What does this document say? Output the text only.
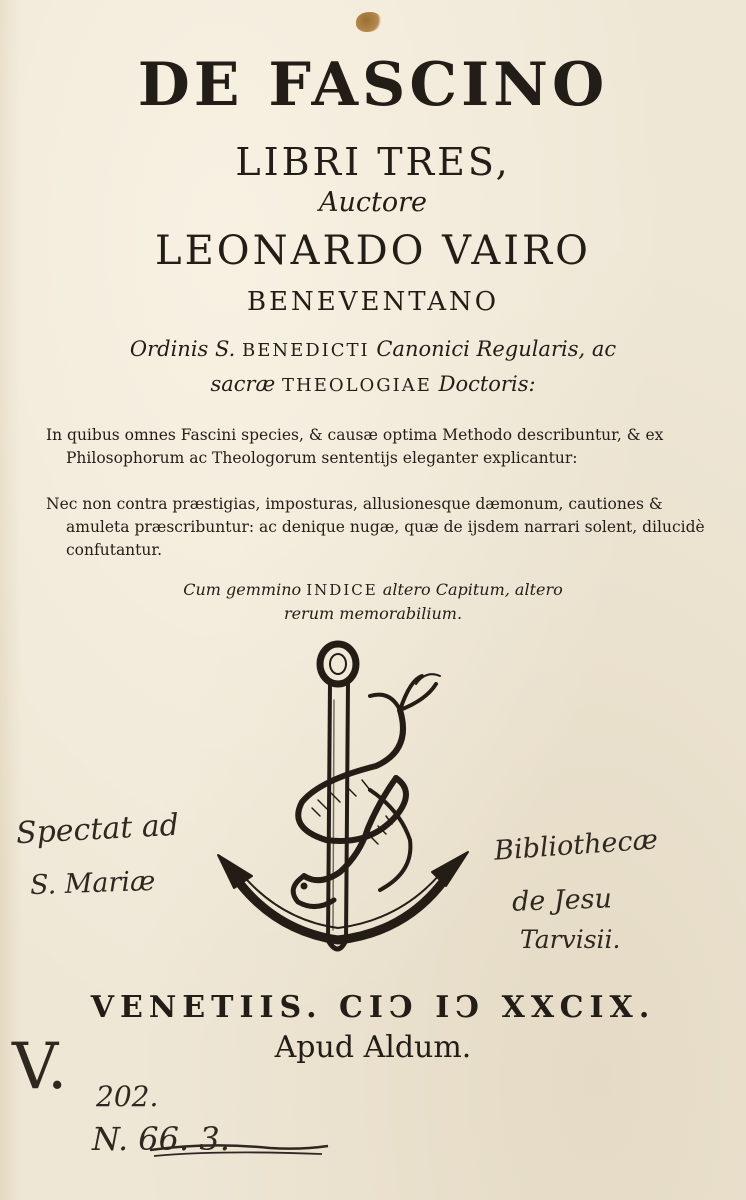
DE FASCINO
LIBRI TRES,
Auctore
LEONARDO VAIRO
BENEVENTANO
Ordinis S. BENEDICTI Canonici Regularis, ac
sacræ THEOLOGIAE Doctoris:
In quibus omnes Fascini species, & causæ optima Methodo describuntur, & ex Philosophorum ac Theologorum sententijs eleganter explicantur:
Nec non contra præstigias, imposturas, allusionesque dæmonum, cautiones & amuleta præscribuntur: ac denique nugæ, quæ de ijsdem narrari solent, dilucidè confutantur.
Cum gemmino INDICE altero Capitum, altero
rerum memorabilium.
Spectat ad
S. Mariæ
Bibliothecæ
de Jesu
Tarvisii.
VENETIIS. CIↃ IↃ XXCIX.
Apud Aldum.
V. 202.
N. 66. 3.
